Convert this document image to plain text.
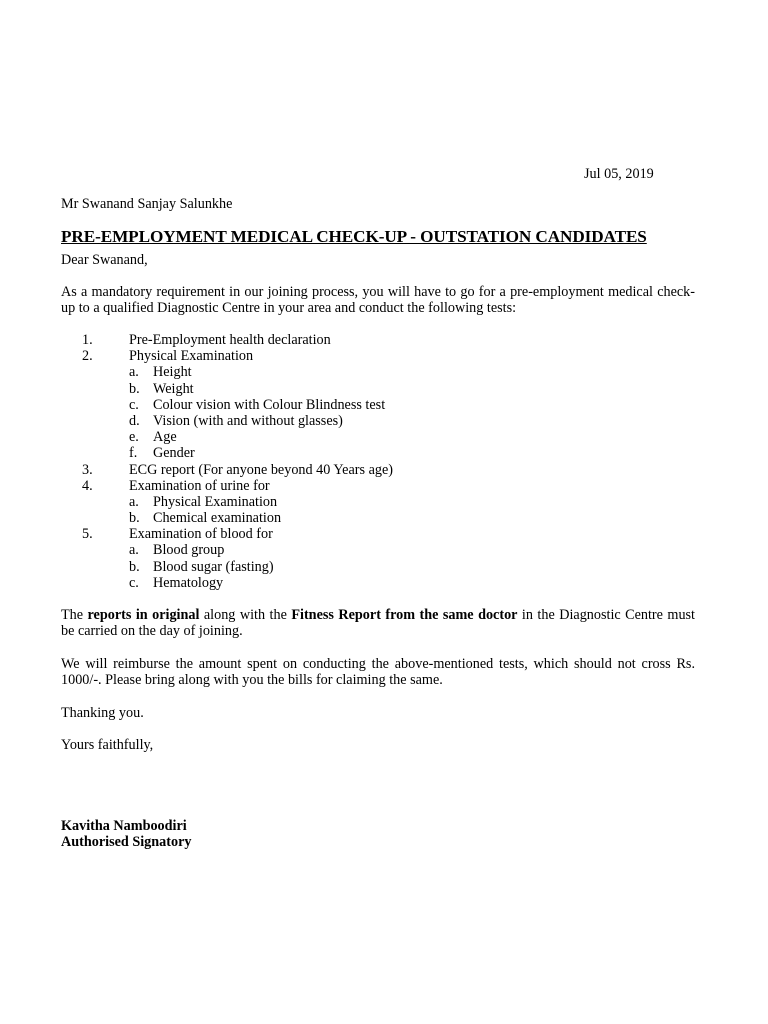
Jul 05, 2019
Mr Swanand Sanjay Salunkhe
PRE-EMPLOYMENT MEDICAL CHECK-UP - OUTSTATION CANDIDATES
Dear Swanand,
As a mandatory requirement in our joining process, you will have to go for a pre-employment medical check-up to a qualified Diagnostic Centre in your area and conduct the following tests:
1.	Pre-Employment health declaration
2.	Physical Examination
a. Height
b. Weight
c. Colour vision with Colour Blindness test
d. Vision (with and without glasses)
e. Age
f. Gender
3.	ECG report (For anyone beyond 40 Years age)
4.	Examination of urine for
a. Physical Examination
b. Chemical examination
5.	Examination of blood for
a. Blood group
b. Blood sugar (fasting)
c. Hematology
The reports in original along with the Fitness Report from the same doctor in the Diagnostic Centre must be carried on the day of joining.
We will reimburse the amount spent on conducting the above-mentioned tests, which should not cross Rs. 1000/-. Please bring along with you the bills for claiming the same.
Thanking you.
Yours faithfully,
Kavitha Namboodiri
Authorised Signatory
